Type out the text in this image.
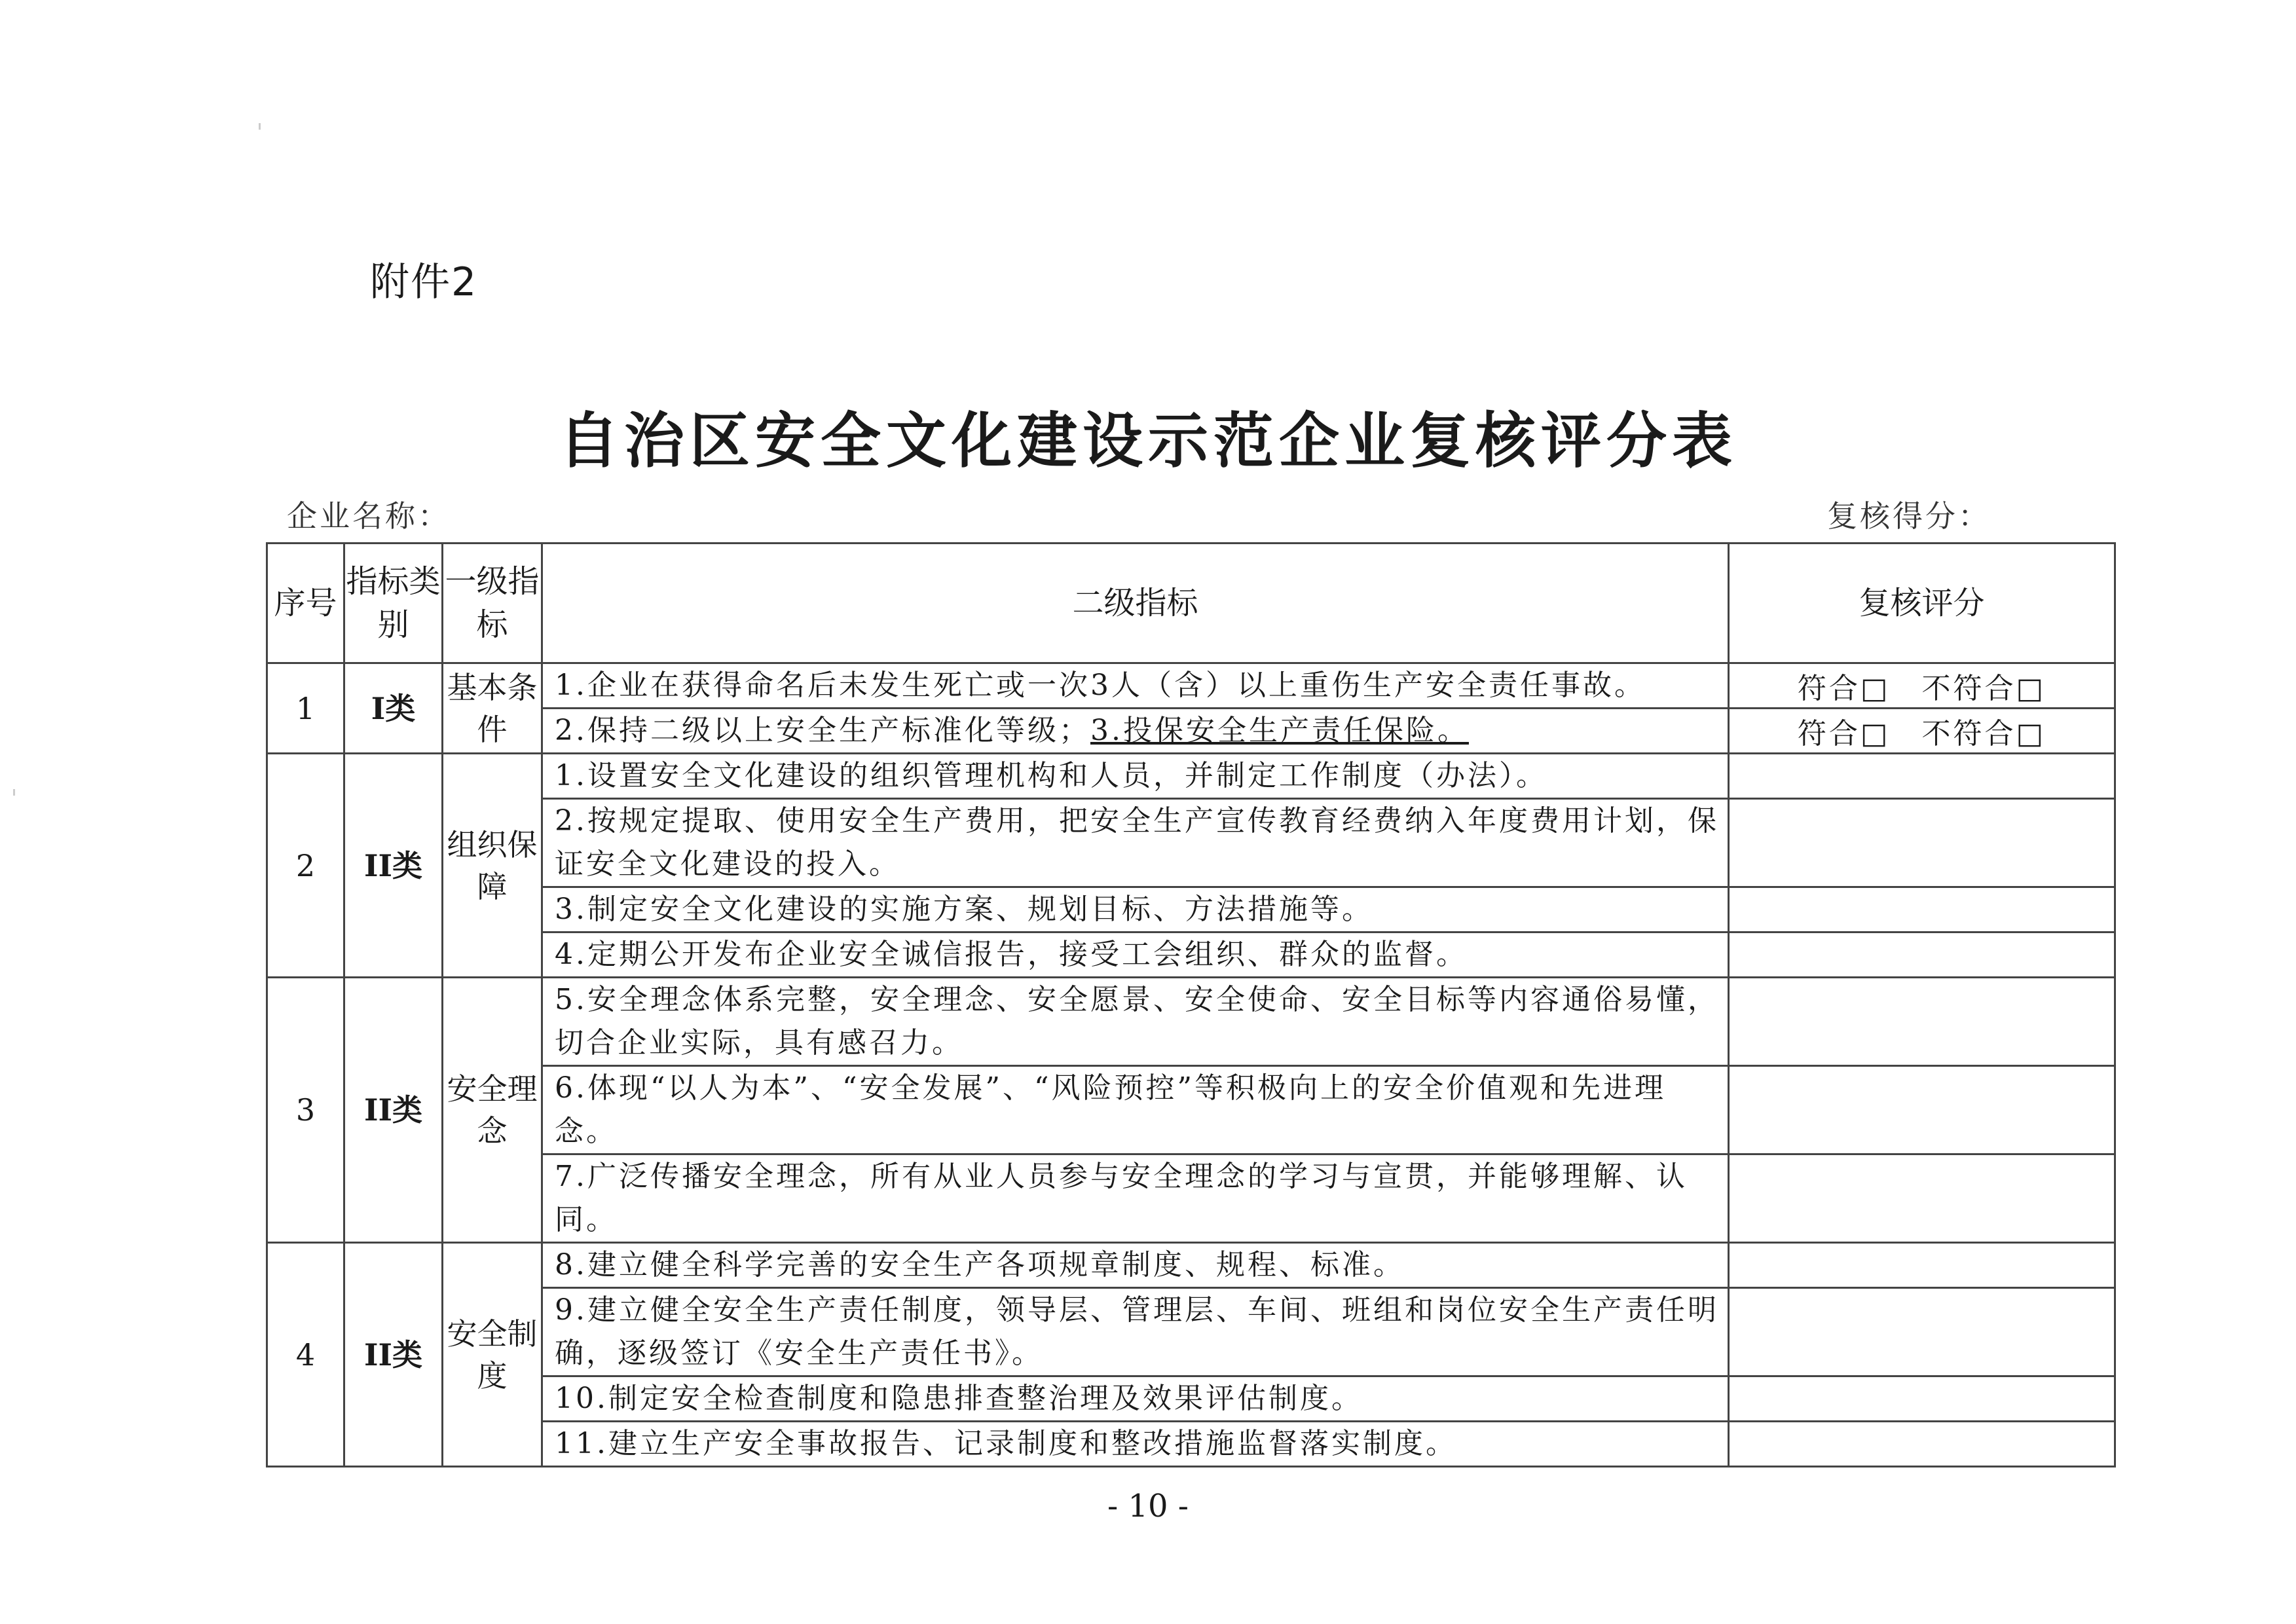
附件2
自治区安全文化建设示范企业复核评分表
企业名称：	复核得分：
序号	指标类别	一级指标	二级指标	复核评分
1	I类	基本条件	1.企业在获得命名后未发生死亡或一次3人（含）以上重伤生产安全责任事故。	符合□　不符合□
			2.保持二级以上安全生产标准化等级；3.投保安全生产责任保险。	符合□　不符合□
2	II类	组织保障	1.设置安全文化建设的组织管理机构和人员，并制定工作制度（办法）。	
			2.按规定提取、使用安全生产费用，把安全生产宣传教育经费纳入年度费用计划，保证安全文化建设的投入。	
			3.制定安全文化建设的实施方案、规划目标、方法措施等。	
			4.定期公开发布企业安全诚信报告，接受工会组织、群众的监督。	
3	II类	安全理念	5.安全理念体系完整，安全理念、安全愿景、安全使命、安全目标等内容通俗易懂，切合企业实际，具有感召力。	
			6.体现“以人为本”、“安全发展”、“风险预控”等积极向上的安全价值观和先进理念。	
			7.广泛传播安全理念，所有从业人员参与安全理念的学习与宣贯，并能够理解、认同。	
4	II类	安全制度	8.建立健全科学完善的安全生产各项规章制度、规程、标准。	
			9.建立健全安全生产责任制度，领导层、管理层、车间、班组和岗位安全生产责任明确，逐级签订《安全生产责任书》。	
			10.制定安全检查制度和隐患排查整治理及效果评估制度。	
			11.建立生产安全事故报告、记录制度和整改措施监督落实制度。	
- 10 -
